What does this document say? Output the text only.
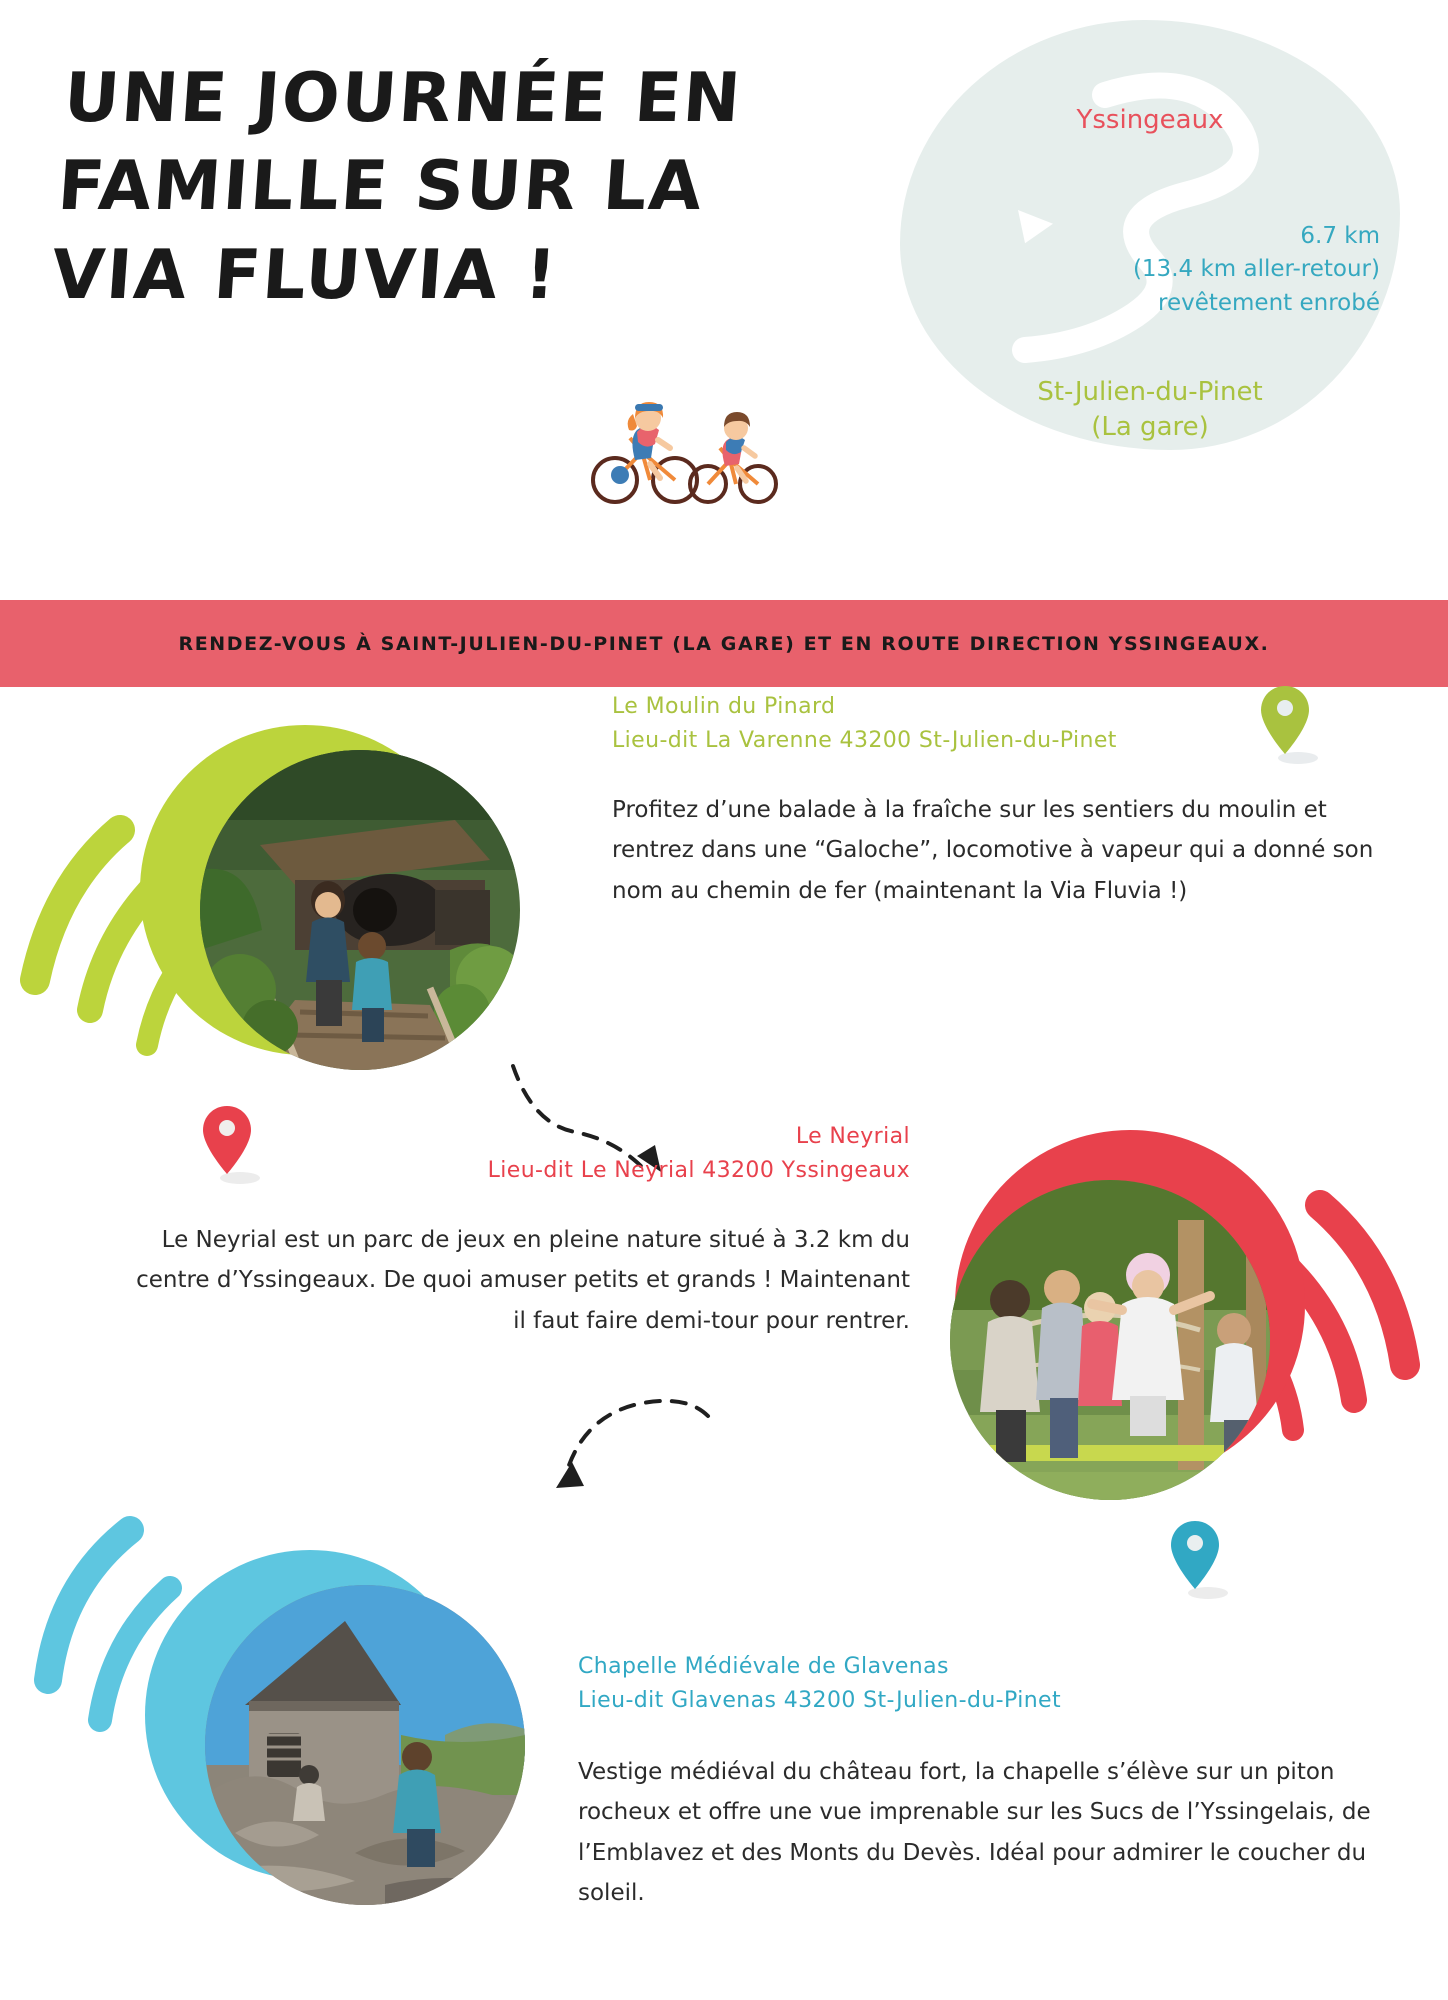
UNE JOURNÉE EN
FAMILLE SUR LA
VIA FLUVIA !
Yssingeaux
6.7 km
(13.4 km aller-retour)
revêtement enrobé
St-Julien-du-Pinet
(La gare)
RENDEZ-VOUS À SAINT-JULIEN-DU-PINET (LA GARE) ET EN ROUTE DIRECTION YSSINGEAUX.
Le Moulin du Pinard
Lieu-dit La Varenne 43200 St-Julien-du-Pinet
Profitez d’une balade à la fraîche sur les sentiers du moulin et rentrez dans une “Galoche”, locomotive à vapeur qui a donné son nom au chemin de fer (maintenant la Via Fluvia !)
Le Neyrial
Lieu-dit Le Neyrial 43200 Yssingeaux
Le Neyrial est un parc de jeux en pleine nature situé à 3.2 km du centre d’Yssingeaux. De quoi amuser petits et grands ! Maintenant il faut faire demi-tour pour rentrer.
Chapelle Médiévale de Glavenas
Lieu-dit Glavenas 43200 St-Julien-du-Pinet
Vestige médiéval du château fort, la chapelle s’élève sur un piton rocheux et offre une vue imprenable sur les Sucs de l’Yssingelais, de l’Emblavez et des Monts du Devès. Idéal pour admirer le coucher du soleil.
